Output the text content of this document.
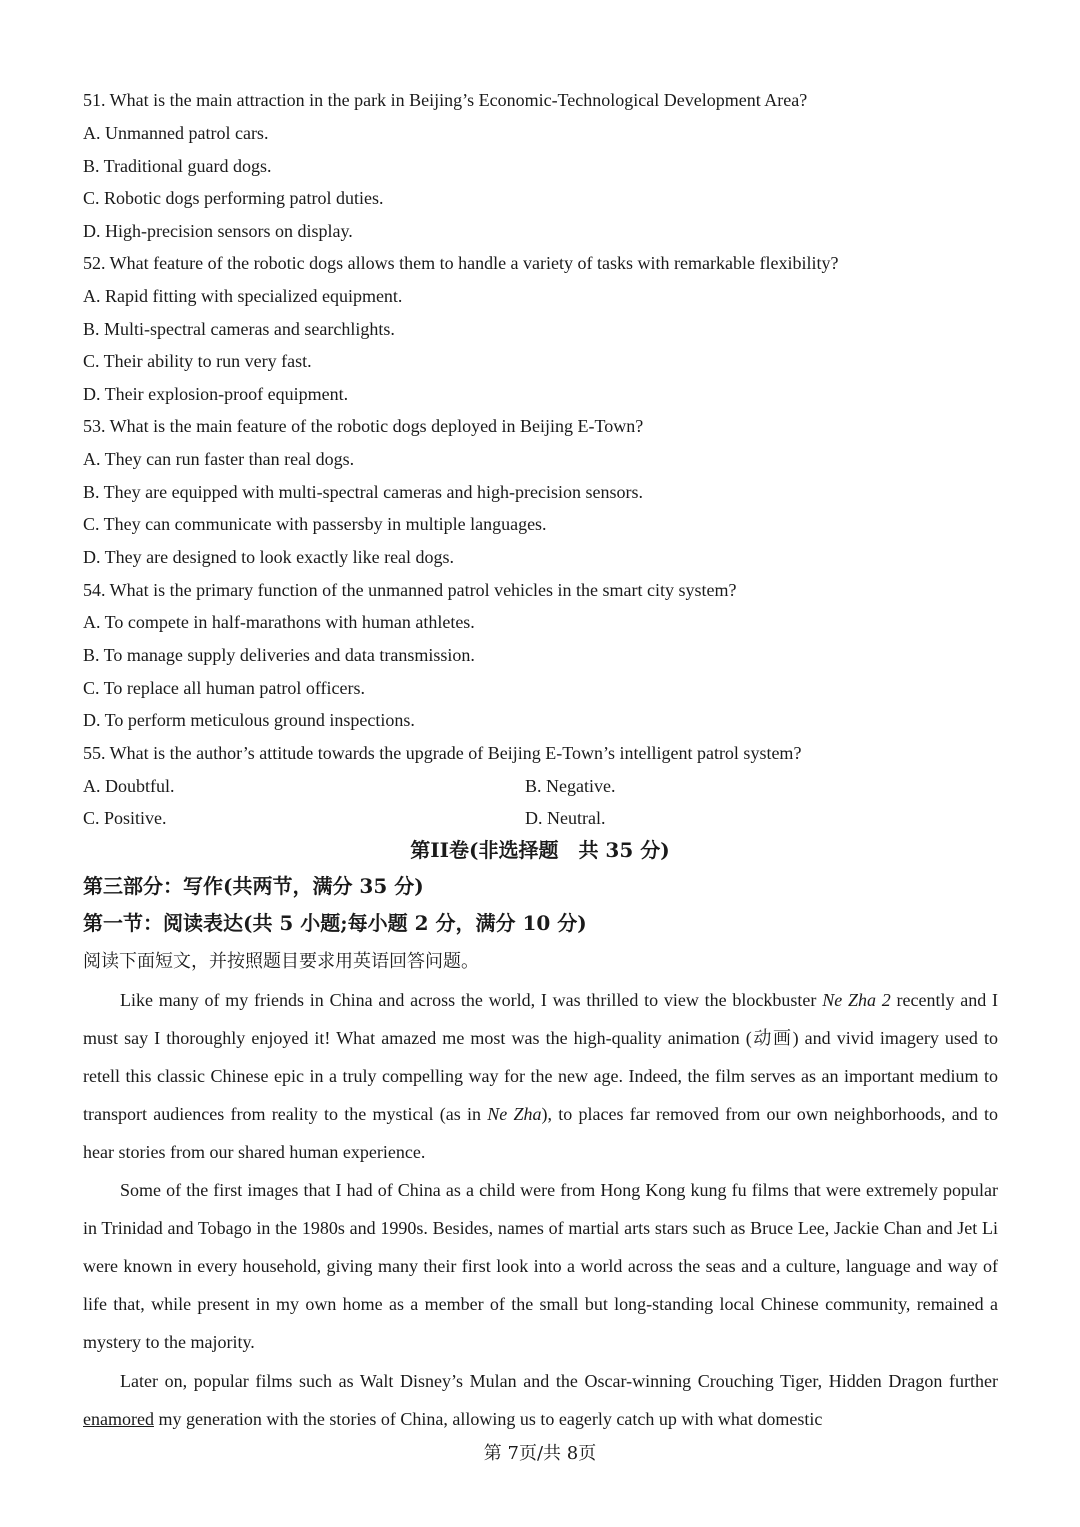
51. What is the main attraction in the park in Beijing’s Economic-Technological Development Area?
A. Unmanned patrol cars.
B. Traditional guard dogs.
C. Robotic dogs performing patrol duties.
D. High-precision sensors on display.
52. What feature of the robotic dogs allows them to handle a variety of tasks with remarkable flexibility?
A. Rapid fitting with specialized equipment.
B. Multi-spectral cameras and searchlights.
C. Their ability to run very fast.
D. Their explosion-proof equipment.
53. What is the main feature of the robotic dogs deployed in Beijing E-Town?
A. They can run faster than real dogs.
B. They are equipped with multi-spectral cameras and high-precision sensors.
C. They can communicate with passersby in multiple languages.
D. They are designed to look exactly like real dogs.
54. What is the primary function of the unmanned patrol vehicles in the smart city system?
A. To compete in half-marathons with human athletes.
B. To manage supply deliveries and data transmission.
C. To replace all human patrol officers.
D. To perform meticulous ground inspections.
55. What is the author’s attitude towards the upgrade of Beijing E-Town’s intelligent patrol system?
A. Doubtful.	B. Negative.
C. Positive.	D. Neutral.
第II卷(非选择题　共 35 分)
第三部分：写作(共两节，满分 35 分)
第一节：阅读表达(共 5 小题;每小题 2 分，满分 10 分)
阅读下面短文，并按照题目要求用英语回答问题。

Like many of my friends in China and across the world, I was thrilled to view the blockbuster Ne Zha 2 recently and I must say I thoroughly enjoyed it! What amazed me most was the high-quality animation (动画) and vivid imagery used to retell this classic Chinese epic in a truly compelling way for the new age. Indeed, the film serves as an important medium to transport audiences from reality to the mystical (as in Ne Zha), to places far removed from our own neighborhoods, and to hear stories from our shared human experience.

Some of the first images that I had of China as a child were from Hong Kong kung fu films that were extremely popular in Trinidad and Tobago in the 1980s and 1990s. Besides, names of martial arts stars such as Bruce Lee, Jackie Chan and Jet Li were known in every household, giving many their first look into a world across the seas and a culture, language and way of life that, while present in my own home as a member of the small but long-standing local Chinese community, remained a mystery to the majority.

Later on, popular films such as Walt Disney’s Mulan and the Oscar-winning Crouching Tiger, Hidden Dragon further enamored my generation with the stories of China, allowing us to eagerly catch up with what domestic

第 7页/共 8页
